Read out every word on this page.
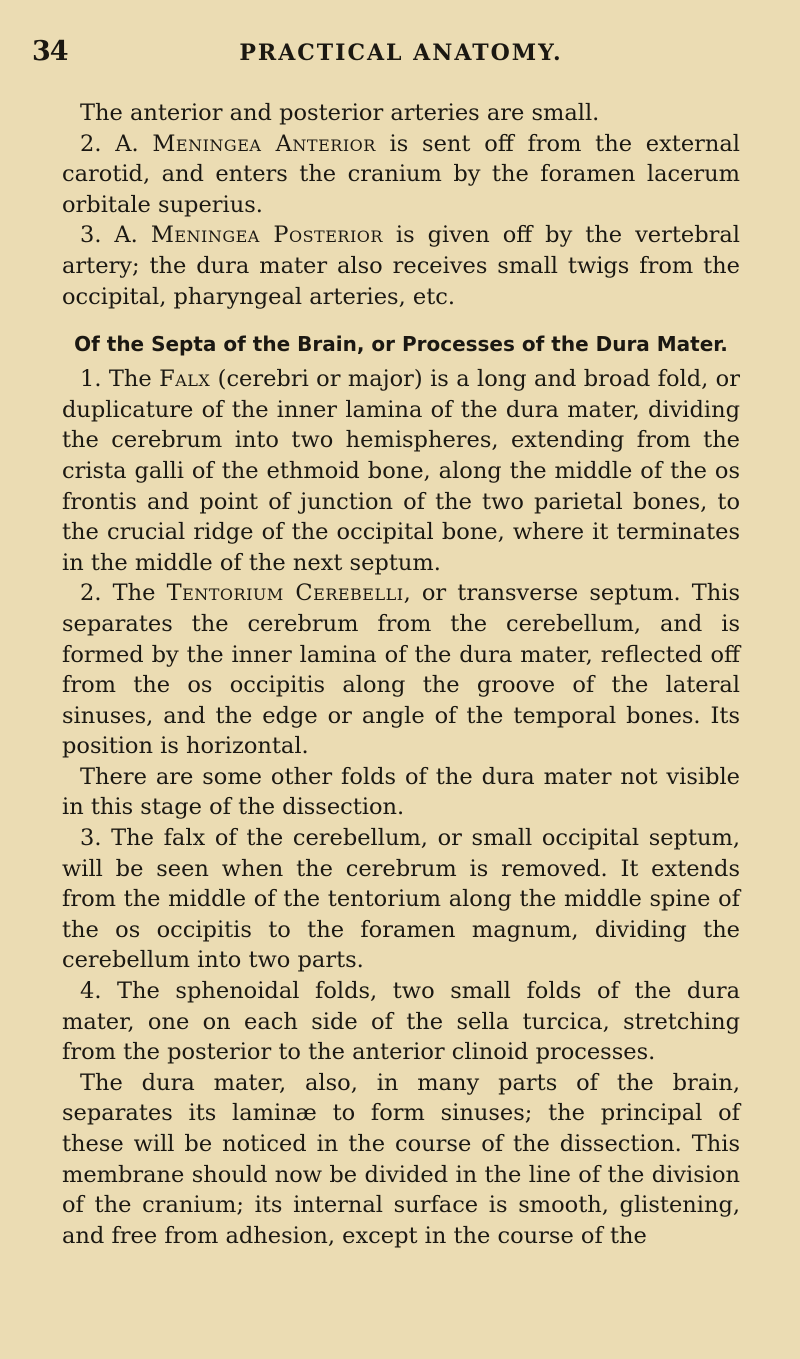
34	PRACTICAL ANATOMY.

The anterior and posterior arteries are small.

2. A. Meningea Anterior is sent off from the external carotid, and enters the cranium by the foramen lacerum orbitale superius.

3. A. Meningea Posterior is given off by the vertebral artery; the dura mater also receives small twigs from the occipital, pharyngeal arteries, etc.

Of the Septa of the Brain, or Processes of the Dura Mater.

1. The Falx (cerebri or major) is a long and broad fold, or duplicature of the inner lamina of the dura mater, dividing the cerebrum into two hemispheres, extending from the crista galli of the ethmoid bone, along the middle of the os frontis and point of junction of the two parietal bones, to the crucial ridge of the occipital bone, where it terminates in the middle of the next septum.

2. The Tentorium Cerebelli, or transverse septum. This separates the cerebrum from the cerebellum, and is formed by the inner lamina of the dura mater, reflected off from the os occipitis along the groove of the lateral sinuses, and the edge or angle of the temporal bones. Its position is horizontal.

There are some other folds of the dura mater not visible in this stage of the dissection.

3. The falx of the cerebellum, or small occipital septum, will be seen when the cerebrum is removed. It extends from the middle of the tentorium along the middle spine of the os occipitis to the foramen magnum, dividing the cerebellum into two parts.

4. The sphenoidal folds, two small folds of the dura mater, one on each side of the sella turcica, stretching from the posterior to the anterior clinoid processes.

The dura mater, also, in many parts of the brain, separates its laminæ to form sinuses; the principal of these will be noticed in the course of the dissection. This membrane should now be divided in the line of the division of the cranium; its internal surface is smooth, glistening, and free from adhesion, except in the course of the
